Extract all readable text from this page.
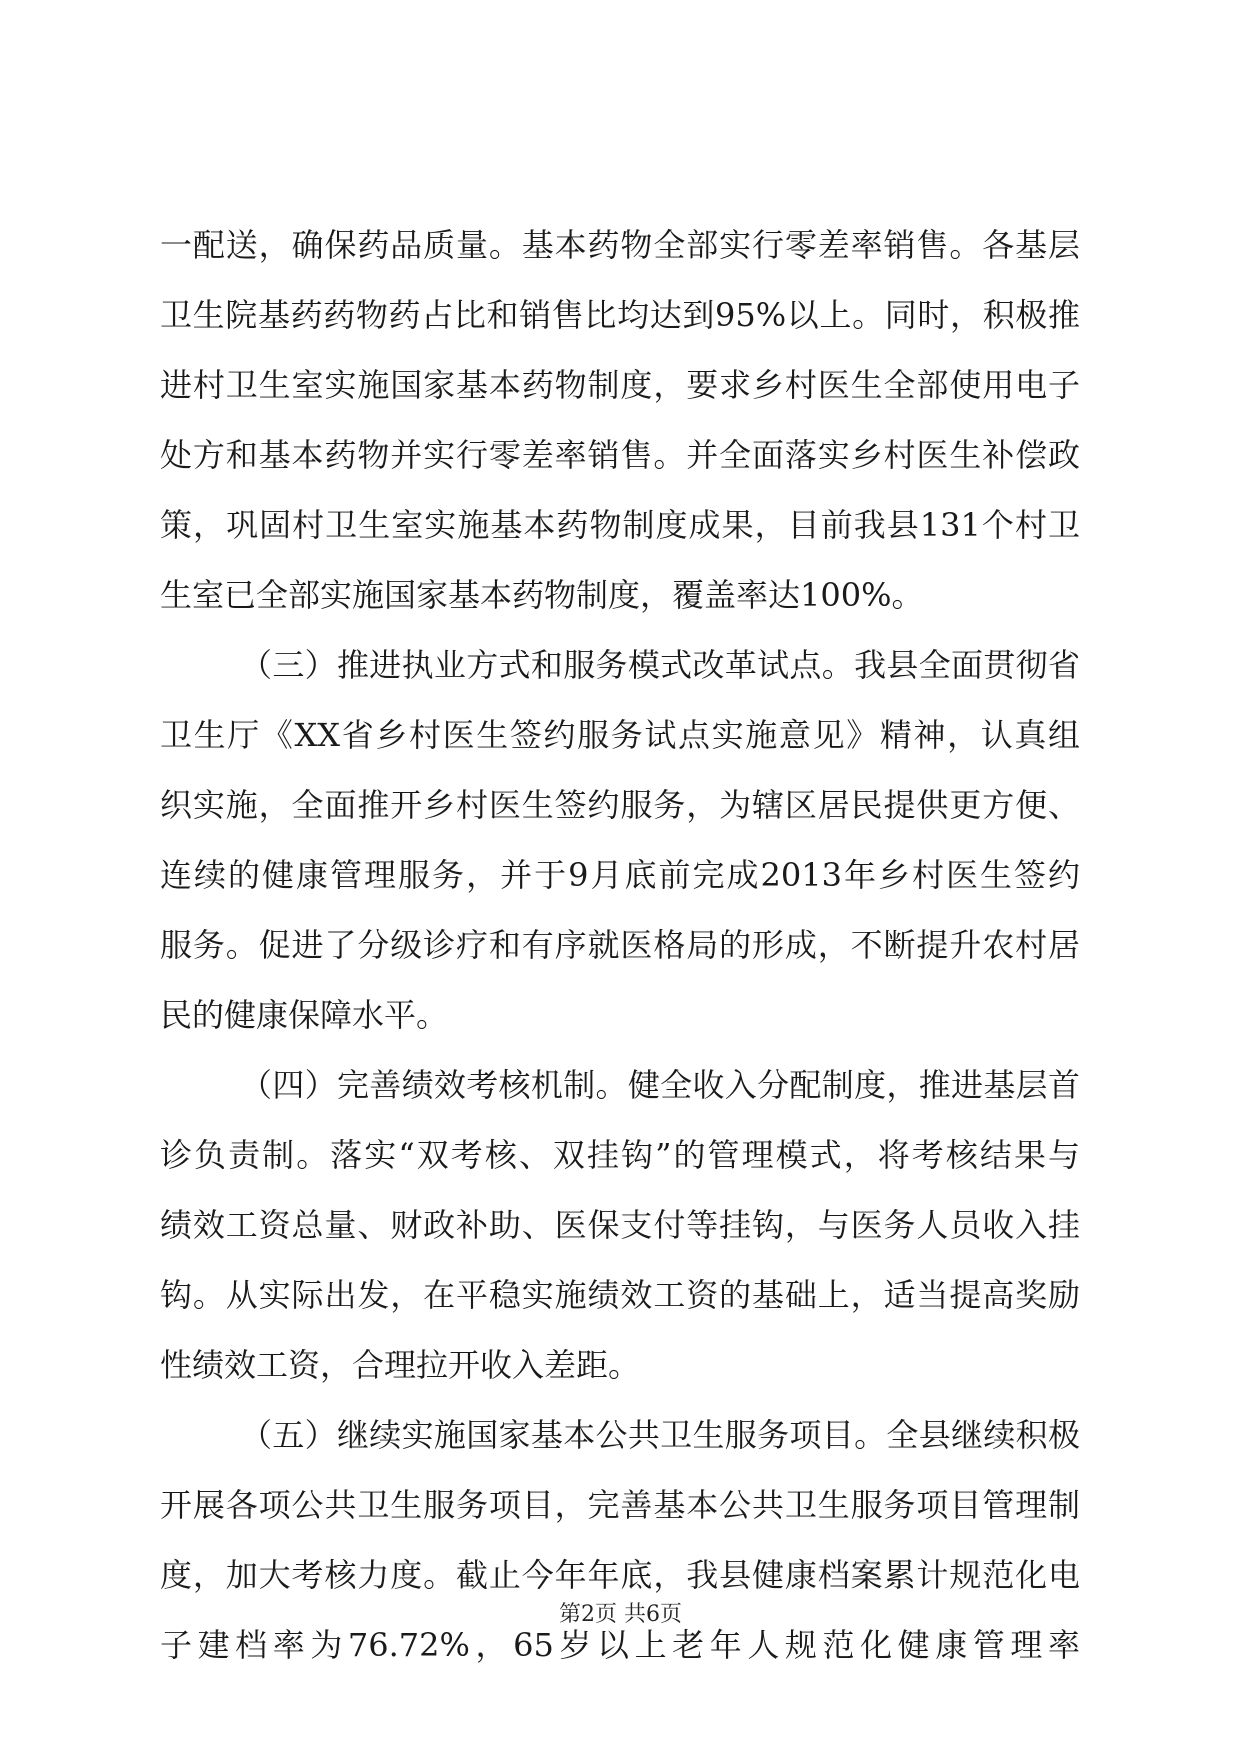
一配送，确保药品质量。基本药物全部实行零差率销售。各基层
卫生院基药药物药占比和销售比均达到95%以上。同时，积极推
进村卫生室实施国家基本药物制度，要求乡村医生全部使用电子
处方和基本药物并实行零差率销售。并全面落实乡村医生补偿政
策，巩固村卫生室实施基本药物制度成果，目前我县131个村卫
生室已全部实施国家基本药物制度，覆盖率达100%。
（三）推进执业方式和服务模式改革试点。我县全面贯彻省
卫生厅《XX省乡村医生签约服务试点实施意见》精神，认真组
织实施，全面推开乡村医生签约服务，为辖区居民提供更方便、
连续的健康管理服务，并于9月底前完成2013年乡村医生签约
服务。促进了分级诊疗和有序就医格局的形成，不断提升农村居
民的健康保障水平。
（四）完善绩效考核机制。健全收入分配制度，推进基层首
诊负责制。落实“双考核、双挂钩”的管理模式，将考核结果与
绩效工资总量、财政补助、医保支付等挂钩，与医务人员收入挂
钩。从实际出发，在平稳实施绩效工资的基础上，适当提高奖励
性绩效工资，合理拉开收入差距。
（五）继续实施国家基本公共卫生服务项目。全县继续积极
开展各项公共卫生服务项目，完善基本公共卫生服务项目管理制
度，加大考核力度。截止今年年底，我县健康档案累计规范化电
子建档率为76.72%，65岁以上老年人规范化健康管理率
第2页 共6页
